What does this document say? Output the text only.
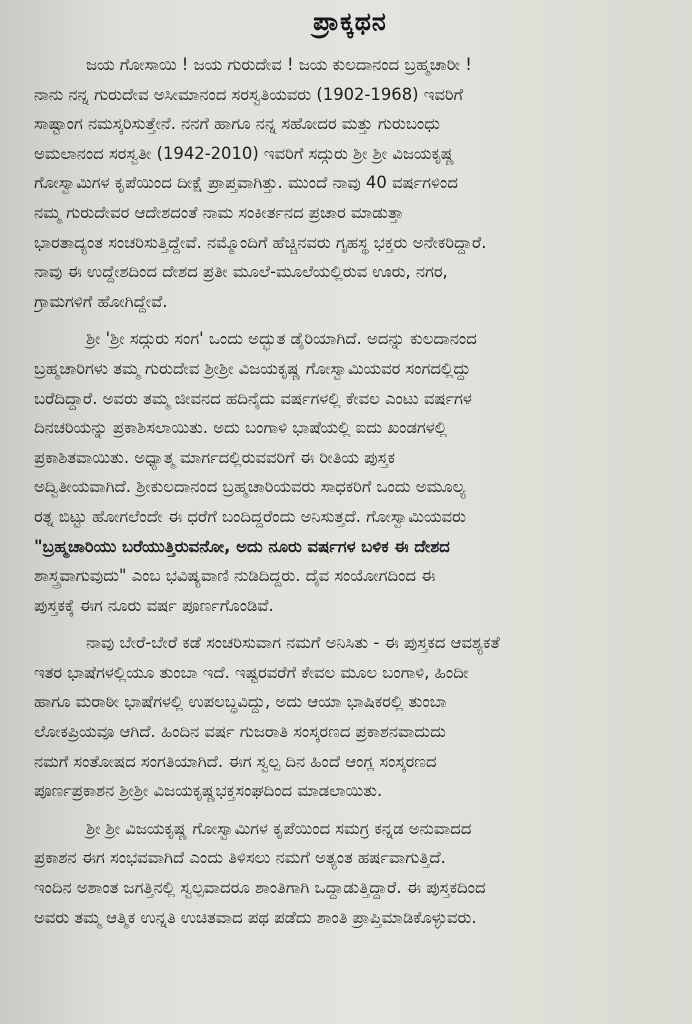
ಪ್ರಾಕ್ಕಥನ
ಜಯ ಗೋಸಾಯಿ ! ಜಯ ಗುರುದೇವ ! ಜಯ ಕುಲದಾನಂದ ಬ್ರಹ್ಮಚಾರೀ !
ನಾನು ನನ್ನ ಗುರುದೇವ ಅಸೀಮಾನಂದ ಸರಸ್ವತಿಯವರು (1902-1968) ಇವರಿಗೆ
ಸಾಷ್ಟಾಂಗ ನಮಸ್ಕರಿಸುತ್ತೇನೆ. ನನಗೆ ಹಾಗೂ ನನ್ನ ಸಹೋದರ ಮತ್ತು ಗುರುಬಂಧು
ಅಮಲಾನಂದ ಸರಸ್ವತೀ (1942-2010) ಇವರಿಗೆ ಸದ್ಗುರು ಶ್ರೀ ಶ್ರೀ ವಿಜಯಕೃಷ್ಣ
ಗೋಸ್ವಾಮಿಗಳ ಕೃಪೆಯಿಂದ ದೀಕ್ಷೆ ಪ್ರಾಪ್ತವಾಗಿತ್ತು. ಮುಂದೆ ನಾವು 40 ವರ್ಷಗಳಿಂದ
ನಮ್ಮ ಗುರುದೇವರ ಆದೇಶದಂತೆ ನಾಮ ಸಂಕೀರ್ತನದ ಪ್ರಚಾರ ಮಾಡುತ್ತಾ
ಭಾರತಾದ್ಯಂತ ಸಂಚರಿಸುತ್ತಿದ್ದೇವೆ. ನಮ್ಮೊಂದಿಗೆ ಹೆಚ್ಚಿನವರು ಗೃಹಸ್ಥ ಭಕ್ತರು ಅನೇಕರಿದ್ದಾರೆ.
ನಾವು ಈ ಉದ್ದೇಶದಿಂದ ದೇಶದ ಪ್ರತೀ ಮೂಲೆ-ಮೂಲೆಯಲ್ಲಿರುವ ಊರು, ನಗರ,
ಗ್ರಾಮಗಳಿಗೆ ಹೋಗಿದ್ದೇವೆ.
ಶ್ರೀ 'ಶ್ರೀ ಸದ್ಗುರು ಸಂಗ' ಒಂದು ಅದ್ಭುತ ಡೈರಿಯಾಗಿದೆ. ಅದನ್ನು ಕುಲದಾನಂದ
ಬ್ರಹ್ಮಚಾರಿಗಳು ತಮ್ಮ ಗುರುದೇವ ಶ್ರೀಶ್ರೀ ವಿಜಯಕೃಷ್ಣ ಗೋಸ್ವಾಮಿಯವರ ಸಂಗದಲ್ಲಿದ್ದು
ಬರೆದಿದ್ದಾರೆ. ಅವರು ತಮ್ಮ ಜೀವನದ ಹದಿನೈದು ವರ್ಷಗಳಲ್ಲಿ ಕೇವಲ ಎಂಟು ವರ್ಷಗಳ
ದಿನಚರಿಯನ್ನು ಪ್ರಕಾಶಿಸಲಾಯಿತು. ಅದು ಬಂಗಾಳಿ ಭಾಷೆಯಲ್ಲಿ ಐದು ಖಂಡಗಳಲ್ಲಿ
ಪ್ರಕಾಶಿತವಾಯಿತು. ಅಧ್ಯಾತ್ಮ ಮಾರ್ಗದಲ್ಲಿರುವವರಿಗೆ ಈ ರೀತಿಯ ಪುಸ್ತಕ
ಅದ್ವಿತೀಯವಾಗಿದೆ. ಶ್ರೀಕುಲದಾನಂದ ಬ್ರಹ್ಮಚಾರಿಯವರು ಸಾಧಕರಿಗೆ ಒಂದು ಅಮೂಲ್ಯ
ರತ್ನ ಬಿಟ್ಟು ಹೋಗಲೆಂದೇ ಈ ಧರೆಗೆ ಬಂದಿದ್ದರೆಂದು ಅನಿಸುತ್ತದೆ. ಗೋಸ್ವಾಮಿಯವರು
"ಬ್ರಹ್ಮಚಾರಿಯು ಬರೆಯುತ್ತಿರುವನೋ, ಅದು ನೂರು ವರ್ಷಗಳ ಬಳಿಕ ಈ ದೇಶದ
ಶಾಸ್ತ್ರವಾಗುವುದು" ಎಂಬ ಭವಿಷ್ಯವಾಣಿ ನುಡಿದಿದ್ದರು. ದೈವ ಸಂಯೋಗದಿಂದ ಈ
ಪುಸ್ತಕಕ್ಕೆ ಈಗ ನೂರು ವರ್ಷ ಪೂರ್ಣಗೊಂಡಿವೆ.
ನಾವು ಬೇರೆ-ಬೇರೆ ಕಡೆ ಸಂಚರಿಸುವಾಗ ನಮಗೆ ಅನಿಸಿತು - ಈ ಪುಸ್ತಕದ ಆವಶ್ಯಕತೆ
ಇತರ ಭಾಷೆಗಳಲ್ಲಿಯೂ ತುಂಬಾ ಇದೆ. ಇಷ್ಟರವರೆಗೆ ಕೇವಲ ಮೂಲ ಬಂಗಾಳಿ, ಹಿಂದೀ
ಹಾಗೂ ಮರಾಠೀ ಭಾಷೆಗಳಲ್ಲಿ ಉಪಲಬ್ಧವಿದ್ದು, ಅದು ಆಯಾ ಭಾಷಿಕರಲ್ಲಿ ತುಂಬಾ
ಲೋಕಪ್ರಿಯವೂ ಆಗಿದೆ. ಹಿಂದಿನ ವರ್ಷ ಗುಜರಾತಿ ಸಂಸ್ಕರಣದ ಪ್ರಕಾಶನವಾದುದು
ನಮಗೆ ಸಂತೋಷದ ಸಂಗತಿಯಾಗಿದೆ. ಈಗ ಸ್ವಲ್ಪ ದಿನ ಹಿಂದೆ ಆಂಗ್ಲ ಸಂಸ್ಕರಣದ
ಪೂರ್ಣಪ್ರಕಾಶನ ಶ್ರೀಶ್ರೀ ವಿಜಯಕೃಷ್ಣಭಕ್ತಸಂಘದಿಂದ ಮಾಡಲಾಯಿತು.
ಶ್ರೀ ಶ್ರೀ ವಿಜಯಕೃಷ್ಣ ಗೋಸ್ವಾಮಿಗಳ ಕೃಪೆಯಿಂದ ಸಮಗ್ರ ಕನ್ನಡ ಅನುವಾದದ
ಪ್ರಕಾಶನ ಈಗ ಸಂಭವವಾಗಿದೆ ಎಂದು ತಿಳಿಸಲು ನಮಗೆ ಅತ್ಯಂತ ಹರ್ಷವಾಗುತ್ತಿದೆ.
ಇಂದಿನ ಅಶಾಂತ ಜಗತ್ತಿನಲ್ಲಿ ಸ್ವಲ್ಪವಾದರೂ ಶಾಂತಿಗಾಗಿ ಒದ್ದಾಡುತ್ತಿದ್ದಾರೆ. ಈ ಪುಸ್ತಕದಿಂದ
ಅವರು ತಮ್ಮ ಆತ್ಮಿಕ ಉನ್ನತಿ ಉಚಿತವಾದ ಪಥ ಪಡೆದು ಶಾಂತಿ ಪ್ರಾಪ್ತಿಮಾಡಿಕೊಳ್ಳುವರು.
